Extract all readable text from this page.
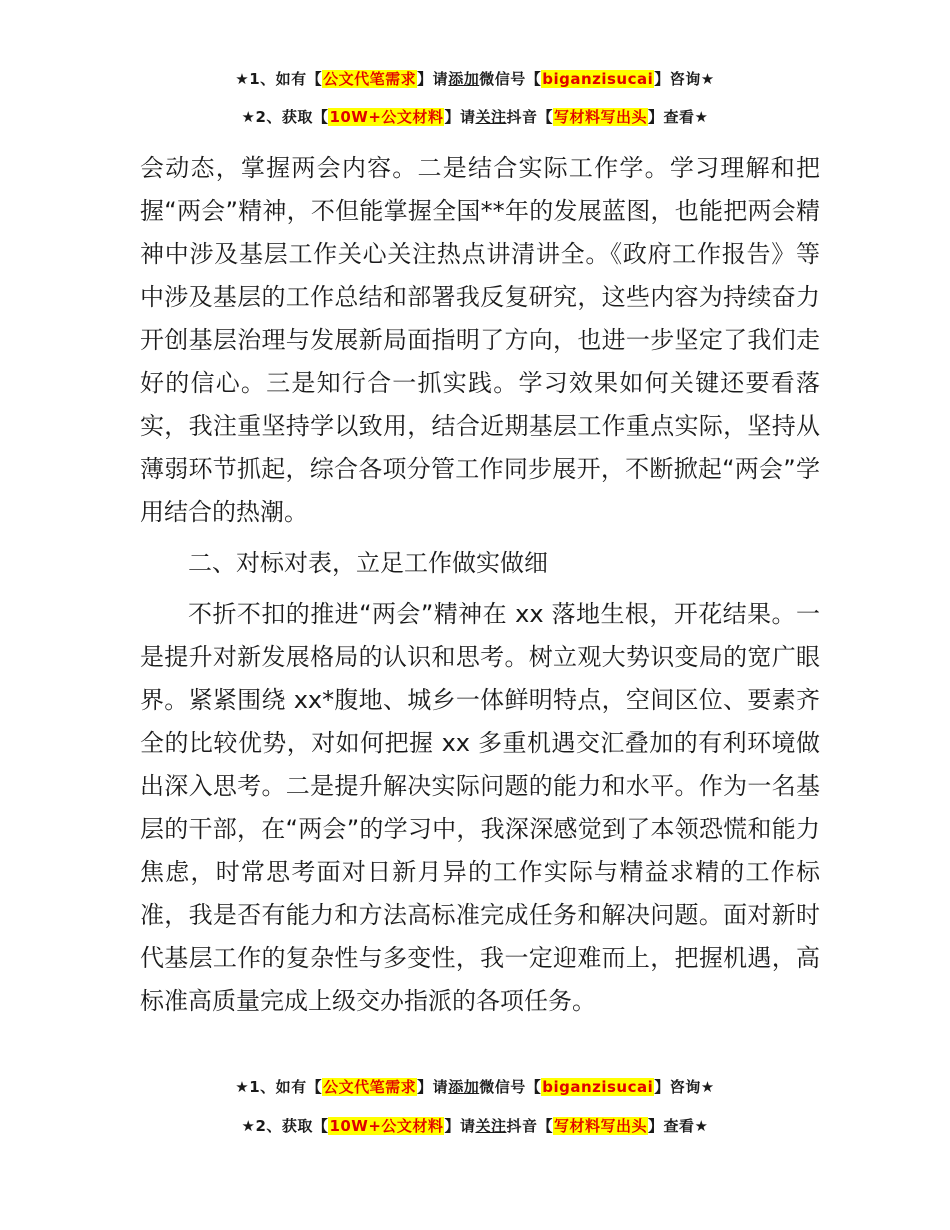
★1、如有【公文代笔需求】请添加微信号【biganzisucai】咨询★
★2、获取【10W+公文材料】请关注抖音【写材料写出头】查看★

会动态，掌握两会内容。二是结合实际工作学。学习理解和把握“两会”精神，不但能掌握全国**年的发展蓝图，也能把两会精神中涉及基层工作关心关注热点讲清讲全。《政府工作报告》等中涉及基层的工作总结和部署我反复研究，这些内容为持续奋力开创基层治理与发展新局面指明了方向，也进一步坚定了我们走好的信心。三是知行合一抓实践。学习效果如何关键还要看落实，我注重坚持学以致用，结合近期基层工作重点实际，坚持从薄弱环节抓起，综合各项分管工作同步展开，不断掀起“两会”学用结合的热潮。

二、对标对表，立足工作做实做细

不折不扣的推进“两会”精神在 xx 落地生根，开花结果。一是提升对新发展格局的认识和思考。树立观大势识变局的宽广眼界。紧紧围绕 xx*腹地、城乡一体鲜明特点，空间区位、要素齐全的比较优势，对如何把握 xx 多重机遇交汇叠加的有利环境做出深入思考。二是提升解决实际问题的能力和水平。作为一名基层的干部，在“两会”的学习中，我深深感觉到了本领恐慌和能力焦虑，时常思考面对日新月异的工作实际与精益求精的工作标准，我是否有能力和方法高标准完成任务和解决问题。面对新时代基层工作的复杂性与多变性，我一定迎难而上，把握机遇，高标准高质量完成上级交办指派的各项任务。

★1、如有【公文代笔需求】请添加微信号【biganzisucai】咨询★
★2、获取【10W+公文材料】请关注抖音【写材料写出头】查看★
